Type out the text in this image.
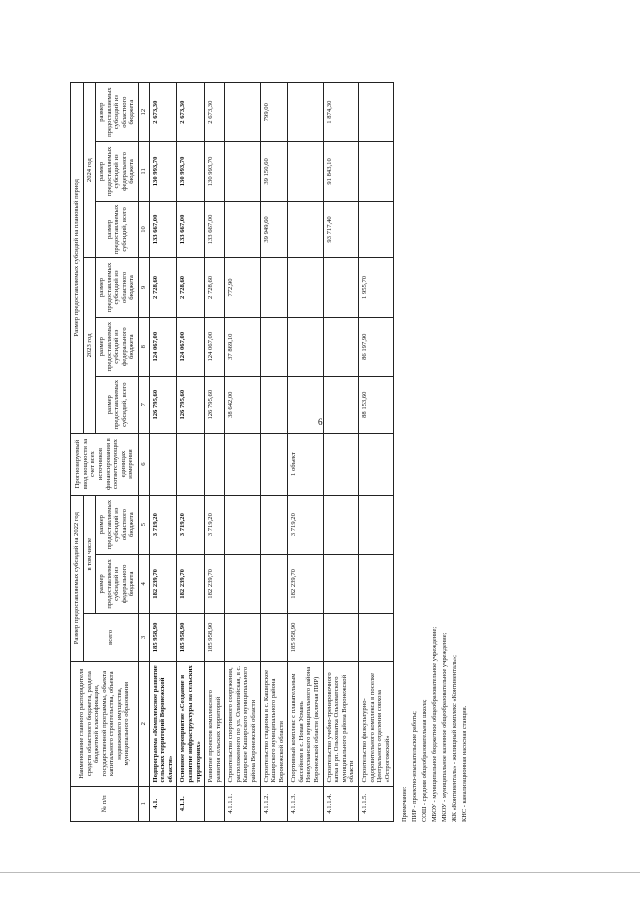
6
№ п/п	Наименование главного распорядителя средств областного бюджета, раздела бюджетной классификации, государственной программы, объекта капитального строительства, объекта недвижимого имущества, муниципального образования	Размер предоставляемых субсидий на 2022 год			Прогнозируемый ввод мощности за счет всех источников финансирования в соответствующих единицах измерения	Размер предоставляемых субсидий на плановый период					
		всего	в том числе			2023 год			2024 год		
			размер предоставляемых субсидий из федерального бюджета	размер предоставляемых субсидий из областного бюджета		размер предоставляемых субсидий, всего	размер предоставляемых субсидий из федерального бюджета	размер предоставляемых субсидий из областного бюджета	размер предоставляемых субсидий, всего	размер предоставляемых субсидий из федерального бюджета	размер предоставляемых субсидий из областного бюджета
1	2	3	4	5	6	7	8	9	10	11	12
4.1.	Подпрограмма «Комплексное развитие сельских территорий Воронежской области»	185 958,90	182 239,70	3 719,20		126 795,60	124 067,00	2 728,60	133 667,00	130 993,70	2 673,30
4.1.1.	Основное мероприятие «Создание и развитие инфраструктуры на сельских территориях»	185 958,90	182 239,70	3 719,20		126 795,60	124 067,00	2 728,60	133 667,00	130 993,70	2 673,30
	Развитие проектов комплексного развития сельских территорий	185 958,90	182 239,70	3 719,20		126 795,60	124 067,00	2 728,60	133 667,00	130 993,70	2 673,30
4.1.1.1.	Строительство спортивного сооружения, расположенного по ул. Олимпийская, в с. Каширское Каширского муниципального района Воронежской области					38 642,00	37 869,10	772,90			
4.1.1.2.	Строительство стадиона в с. Каширское Каширского муниципального района Воронежской области								39 949,60	39 150,60	799,00
4.1.1.3.	Спортивный комплекс с плавательным бассейном в с. Новая Усмань Новоусманского муниципального района Воронежской области (включая ПИР)	185 958,90	182 239,70	3 719,20	1 объект						
4.1.1.4.	Строительство учебно-тренировочного катка в рп. Ольховатка Ольховатского муниципального района Воронежской области								93 717,40	91 843,10	1 874,30
4.1.1.5.	Строительство физкультурно-оздоровительного комплекса в поселке Центрального отделения совхоза «Острогожский»					88 153,60	86 197,90	1 955,70			
Примечание: ПИР - проектно-изыскательские работы; СОШ - средняя общеобразовательная школа; МБОУ - муниципальное бюджетное общеобразовательное учреждение; МКОУ - муниципальное казенное общеобразовательное учреждение; ЖК «Континенталь» - жилищный комплекс «Континенталь»; КНС - канализационная насосная станция.
